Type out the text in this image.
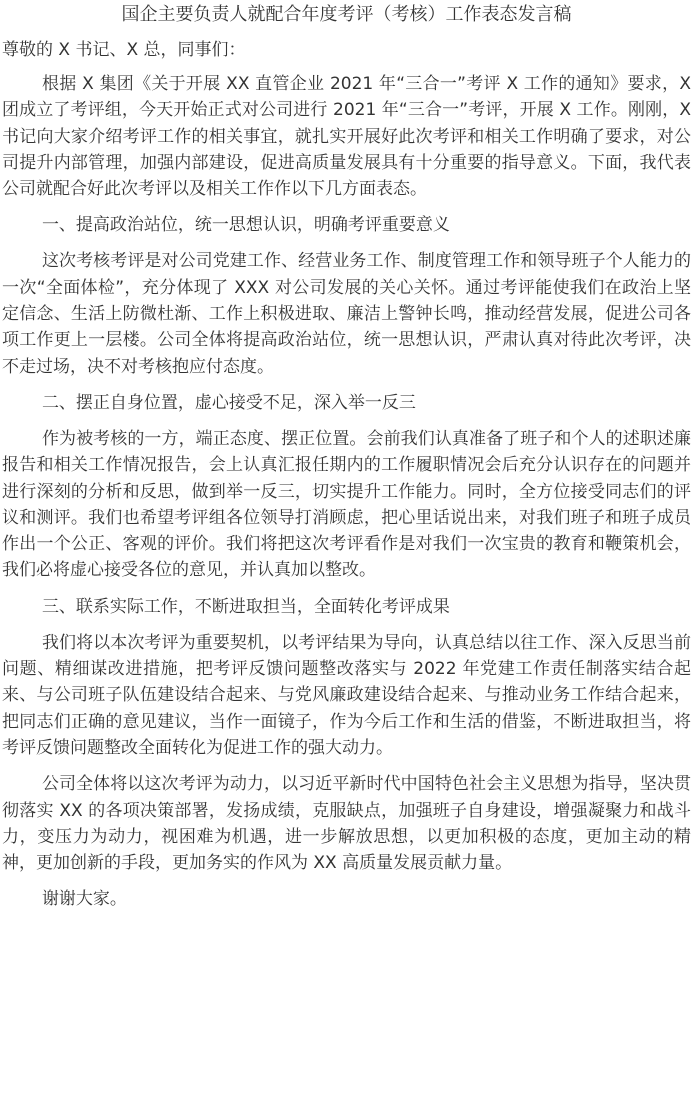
国企主要负责人就配合年度考评（考核）工作表态发言稿

尊敬的 X 书记、X 总，同事们：

根据 X 集团《关于开展 XX 直管企业 2021 年“三合一”考评 X 工作的通知》要求，X 团成立了考评组，今天开始正式对公司进行 2021 年“三合一”考评，开展 X 工作。刚刚，X 书记向大家介绍考评工作的相关事宜，就扎实开展好此次考评和相关工作明确了要求，对公司提升内部管理，加强内部建设，促进高质量发展具有十分重要的指导意义。下面，我代表公司就配合好此次考评以及相关工作作以下几方面表态。

一、提高政治站位，统一思想认识，明确考评重要意义

这次考核考评是对公司党建工作、经营业务工作、制度管理工作和领导班子个人能力的一次“全面体检”，充分体现了 XXX 对公司发展的关心关怀。通过考评能使我们在政治上坚定信念、生活上防微杜渐、工作上积极进取、廉洁上警钟长鸣，推动经营发展，促进公司各项工作更上一层楼。公司全体将提高政治站位，统一思想认识，严肃认真对待此次考评，决不走过场，决不对考核抱应付态度。

二、摆正自身位置，虚心接受不足，深入举一反三

作为被考核的一方，端正态度、摆正位置。会前我们认真准备了班子和个人的述职述廉报告和相关工作情况报告，会上认真汇报任期内的工作履职情况会后充分认识存在的问题并进行深刻的分析和反思，做到举一反三，切实提升工作能力。同时，全方位接受同志们的评议和测评。我们也希望考评组各位领导打消顾虑，把心里话说出来，对我们班子和班子成员作出一个公正、客观的评价。我们将把这次考评看作是对我们一次宝贵的教育和鞭策机会，我们必将虚心接受各位的意见，并认真加以整改。

三、联系实际工作，不断进取担当，全面转化考评成果

我们将以本次考评为重要契机，以考评结果为导向，认真总结以往工作、深入反思当前问题、精细谋改进措施，把考评反馈问题整改落实与 2022 年党建工作责任制落实结合起来、与公司班子队伍建设结合起来、与党风廉政建设结合起来、与推动业务工作结合起来，把同志们正确的意见建议，当作一面镜子，作为今后工作和生活的借鉴，不断进取担当，将考评反馈问题整改全面转化为促进工作的强大动力。

公司全体将以这次考评为动力，以习近平新时代中国特色社会主义思想为指导，坚决贯彻落实 XX 的各项决策部署，发扬成绩，克服缺点，加强班子自身建设，增强凝聚力和战斗力，变压力为动力，视困难为机遇，进一步解放思想，以更加积极的态度，更加主动的精神，更加创新的手段，更加务实的作风为 XX 高质量发展贡献力量。

谢谢大家。
